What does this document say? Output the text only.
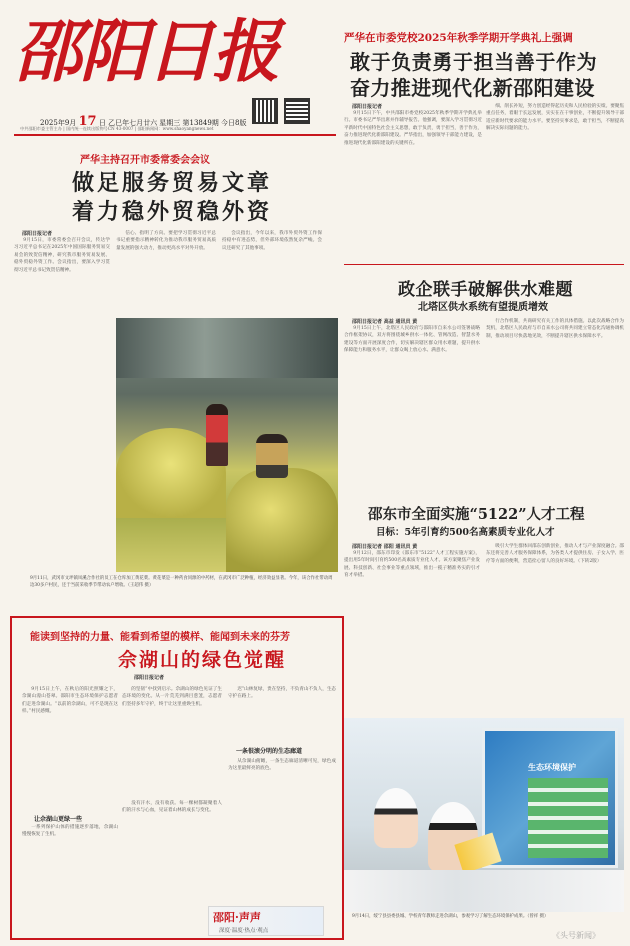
邵阳日报
2025年9月 17 日 乙巳年七月廿六 星期三 第13849期 今日8版
中共邵阳市委主管主办 | 国内统一连续出版物号CN 43-0007 | 邵阳新闻网：www.shaoyangnews.net
严华在市委党校2025年秋季学期开学典礼上强调
敢于负责勇于担当善于作为
奋力推进现代化新邵阳建设
邵阳日报记者

9月15日下午，中共邵阳市委党校2025年秋季学期开学典礼举行。市委书记严华出席并作辅导报告。他强调，要深入学习贯彻习近平新时代中国特色社会主义思想，敢于负责，勇于担当，善于作为，奋力推进现代化新邵阳建设。严华指出，加强领导干部能力建设，是推进现代化新邵阳建设的关键所在。

细、削长补短，努力创造经得起历史和人民检验的实绩。要聚焦重点任务，着眼于长远发展，实实在在干事创业，不断提升领导干部适应新时代要求的能力水平。要坚持实事求是，敢于担当，不断提高解决实际问题的能力。

严华主持召开市委常委会会议
做足服务贸易文章
着力稳外贸稳外资
邵阳日报记者

9月15日，市委常委会召开会议，传达学习习近平总书记在2025年中国国际服务贸易交易会的致贺信精神，研究我市服务贸易发展、稳外贸稳外资工作。会议指出，要深入学习贯彻习近平总书记致贺信精神。

信心、指明了方向。要把学习贯彻习近平总书记重要指示精神转化为推动我市服务贸易高质量发展的强大动力，推动更高水平对外开放。

会议指出，今年以来，我市外贸外资工作保持稳中有进态势，但外部环境依然复杂严峻。会议还研究了其他事项。

9月11日，武冈市文坪镇凤溪合作社的员工在仓库加工黄花菜。黄花菜是一种药食同源的中药材，在武冈市广泛种植，经济效益显著。今年，该合作社带动周边30多户村民，还于当前采收季节带动农户增收。（王超伟 摄）
政企联手破解供水难题
北塔区供水系统有望提质增效
邵阳日报记者 高益 通讯员 黄

9月15日上午，北塔区人民政府与邵阳市自来水公司签署战略合作框架协议，双方将围绕城乡供水一体化、管网改造、智慧水务建设等方面开展深度合作，切实解决辖区群众用水难题，提升供水保障能力和服务水平，让群众喝上放心水、满意水。

行合作机制，共商研究有关工作的具体措施。以此次战略合作为契机，北塔区人民政府与市自来水公司将共同建立常态化沟通协调机制，推动项目尽快落地见效，不断提升辖区供水保障水平。

邵东市全面实施“5122”人才工程
目标：5年引育约500名高素质专业化人才
邵阳日报记者 邵阳 通讯员 黄

9月12日，邵东市印发《邵东市“5122”人才工程实施方案》，提出用5年时间引育约500名高素质专业化人才。该方案聚焦产业发展、科技创新、社会事业等重点领域，推出一揽子精准务实的引才育才举措。

吸引大学生群体回邵东创新创业，推动人才与产业深度融合。邵东还将完善人才服务保障体系，为各类人才提供住房、子女入学、医疗等方面的便利，营造拴心留人的良好环境。（下转2版）

能读到坚持的力量、能看到希望的模样、能闻到未来的芬芳
佘湖山的绿色觉醒
邵阳日报记者

9月15日上午，在秋后的阳光照耀之下，佘湖山漫山苍翠。邵阳市生态环境保护志愿者们走进佘湖山。“以前的佘湖山，可不是现在这样。”村民感慨。

让佘湖山更绿一些

一系列保护山体的措施逐步落地，佘湖山慢慢恢复了生机。

的坚韧”中找到启示。佘湖山的绿色见证了生态环境的变化。从一片荒芜到满目葱茏，志愿者们坚持多年守护，终于让这里重焕生机。

没有汗水，没有收获。每一棵树都凝聚着人们的汗水与心血，见证着山林的成长与变化。

迟”山林复绿，贵在坚持，不负青山不负人，生态守护在路上。

一条很滚分明的生态廊道

从佘湖山俯瞰，一条生态廊道清晰可见，绿色成为这里最鲜亮的底色。

邵阳·声声
深度·温度·热点·观点
生态环境保护
9月14日，绥宁县县委县城、学校青年教师走进佘湖山，参观学习了解生态环境保护成果。（曾祥 摄）
《头号新闻》
